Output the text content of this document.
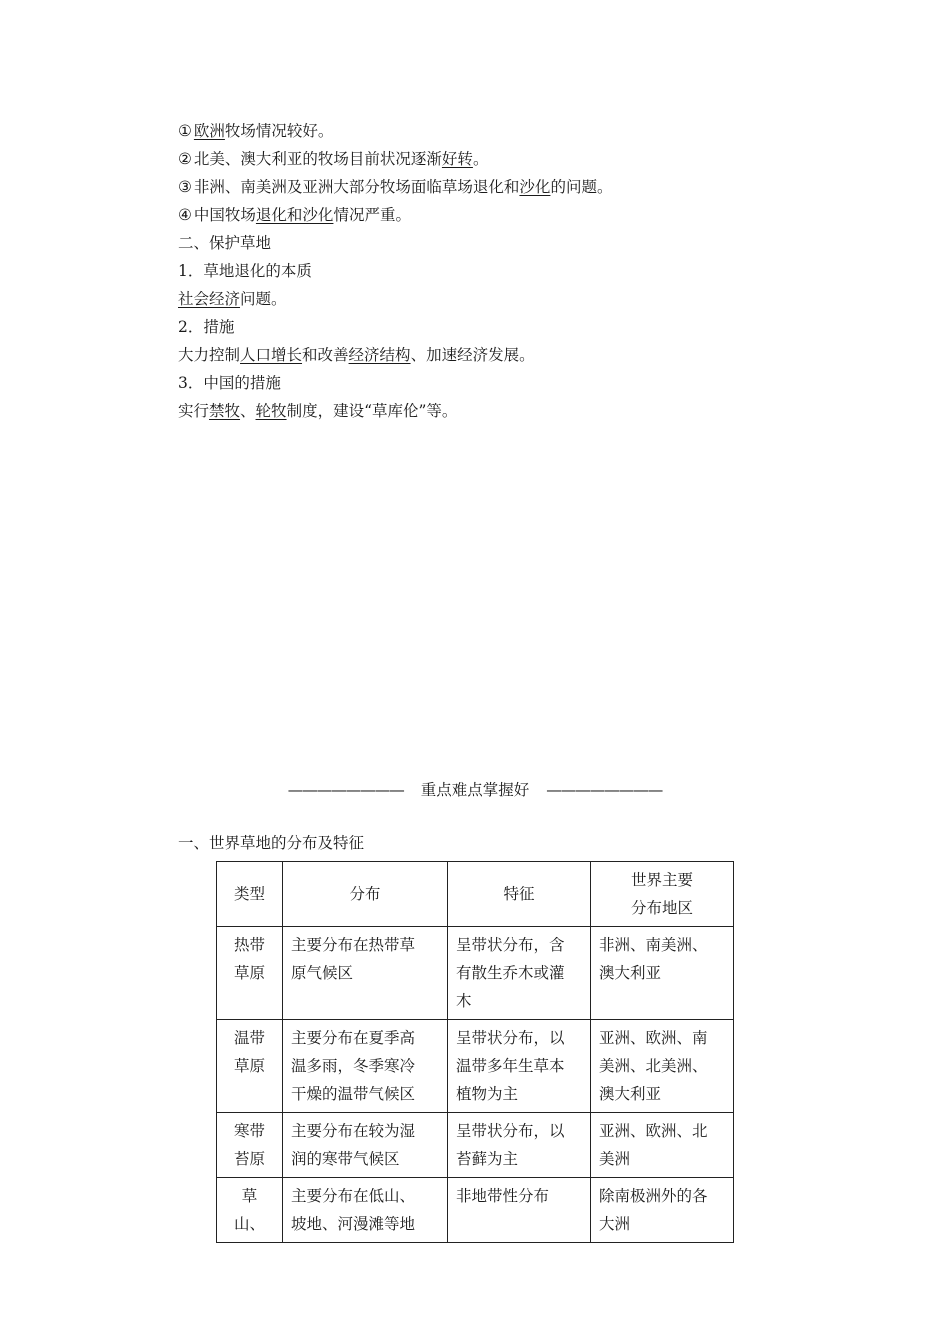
① 欧洲牧场情况较好。
② 北美、澳大利亚的牧场目前状况逐渐好转。
③ 非洲、南美洲及亚洲大部分牧场面临草场退化和沙化的问题。
④ 中国牧场退化和沙化情况严重。
二、保护草地
1．草地退化的本质
社会经济问题。
2．措施
大力控制人口增长和改善经济结构、加速经济发展。
3．中国的措施
实行禁牧、轮牧制度，建设“草库伦”等。
———————— 重点难点掌握好 ————————
一、世界草地的分布及特征
类型	分布	特征	世界主要
分布地区
热带
草原	主要分布在热带草
原气候区	呈带状分布，含
有散生乔木或灌
木	非洲、南美洲、
澳大利亚
温带
草原	主要分布在夏季高
温多雨，冬季寒冷
干燥的温带气候区	呈带状分布，以
温带多年生草本
植物为主	亚洲、欧洲、南
美洲、北美洲、
澳大利亚
寒带
苔原	主要分布在较为湿
润的寒带气候区	呈带状分布，以
苔藓为主	亚洲、欧洲、北
美洲
草
山、	主要分布在低山、
坡地、河漫滩等地	非地带性分布	除南极洲外的各
大洲
